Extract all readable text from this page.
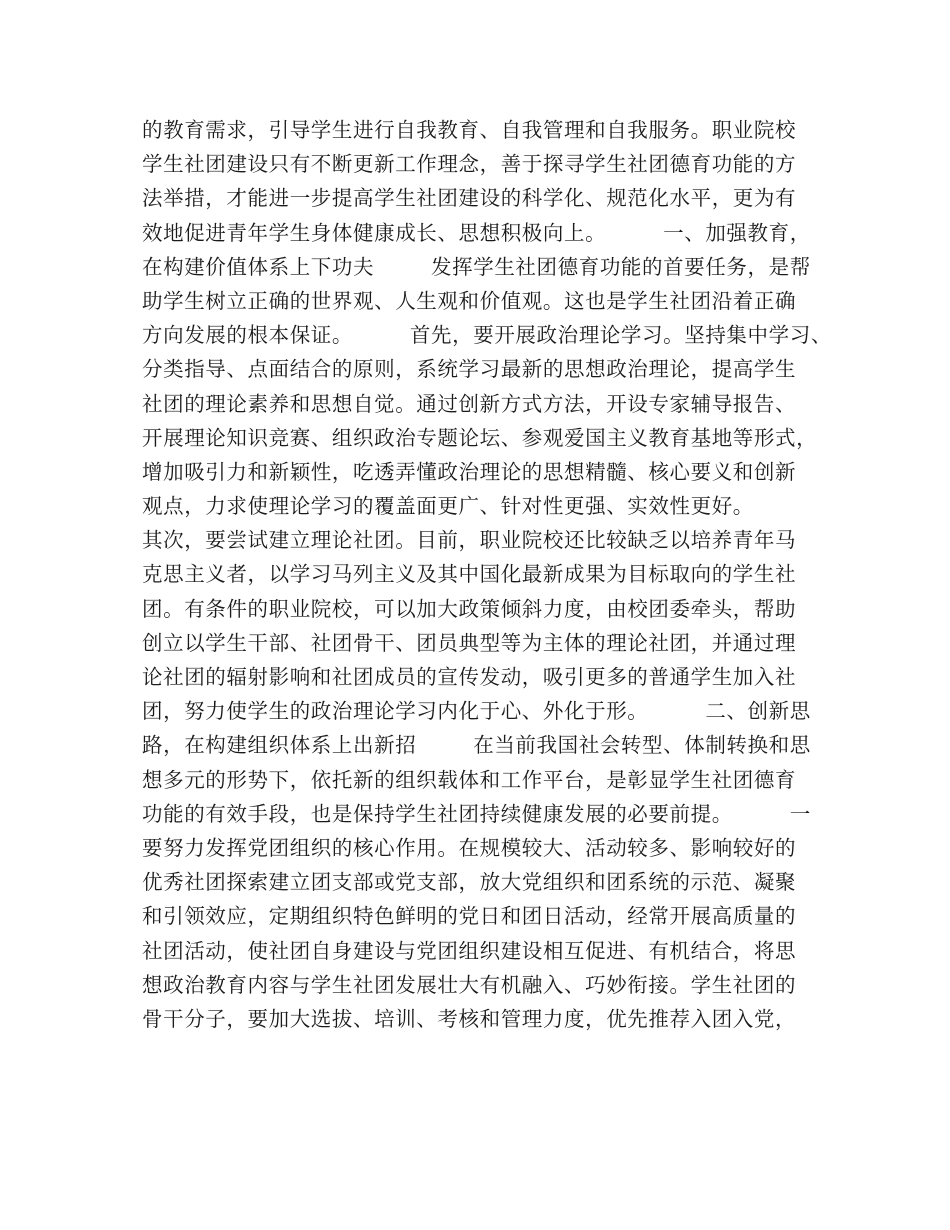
的教育需求，引导学生进行自我教育、自我管理和自我服务。职业院校
学生社团建设只有不断更新工作理念，善于探寻学生社团德育功能的方
法举措，才能进一步提高学生社团建设的科学化、规范化水平，更为有
效地促进青年学生身体健康成长、思想积极向上。        一、加强教育，
在构建价值体系上下功夫        发挥学生社团德育功能的首要任务，是帮
助学生树立正确的世界观、人生观和价值观。这也是学生社团沿着正确
方向发展的根本保证。        首先，要开展政治理论学习。坚持集中学习、
分类指导、点面结合的原则，系统学习最新的思想政治理论，提高学生
社团的理论素养和思想自觉。通过创新方式方法，开设专家辅导报告、
开展理论知识竞赛、组织政治专题论坛、参观爱国主义教育基地等形式，
增加吸引力和新颖性，吃透弄懂政治理论的思想精髓、核心要义和创新
观点，力求使理论学习的覆盖面更广、针对性更强、实效性更好。
其次，要尝试建立理论社团。目前，职业院校还比较缺乏以培养青年马
克思主义者，以学习马列主义及其中国化最新成果为目标取向的学生社
团。有条件的职业院校，可以加大政策倾斜力度，由校团委牵头，帮助
创立以学生干部、社团骨干、团员典型等为主体的理论社团，并通过理
论社团的辐射影响和社团成员的宣传发动，吸引更多的普通学生加入社
团，努力使学生的政治理论学习内化于心、外化于形。        二、创新思
路，在构建组织体系上出新招        在当前我国社会转型、体制转换和思
想多元的形势下，依托新的组织载体和工作平台，是彰显学生社团德育
功能的有效手段，也是保持学生社团持续健康发展的必要前提。        一
要努力发挥党团组织的核心作用。在规模较大、活动较多、影响较好的
优秀社团探索建立团支部或党支部，放大党组织和团系统的示范、凝聚
和引领效应，定期组织特色鲜明的党日和团日活动，经常开展高质量的
社团活动，使社团自身建设与党团组织建设相互促进、有机结合，将思
想政治教育内容与学生社团发展壮大有机融入、巧妙衔接。学生社团的
骨干分子，要加大选拔、培训、考核和管理力度，优先推荐入团入党，
